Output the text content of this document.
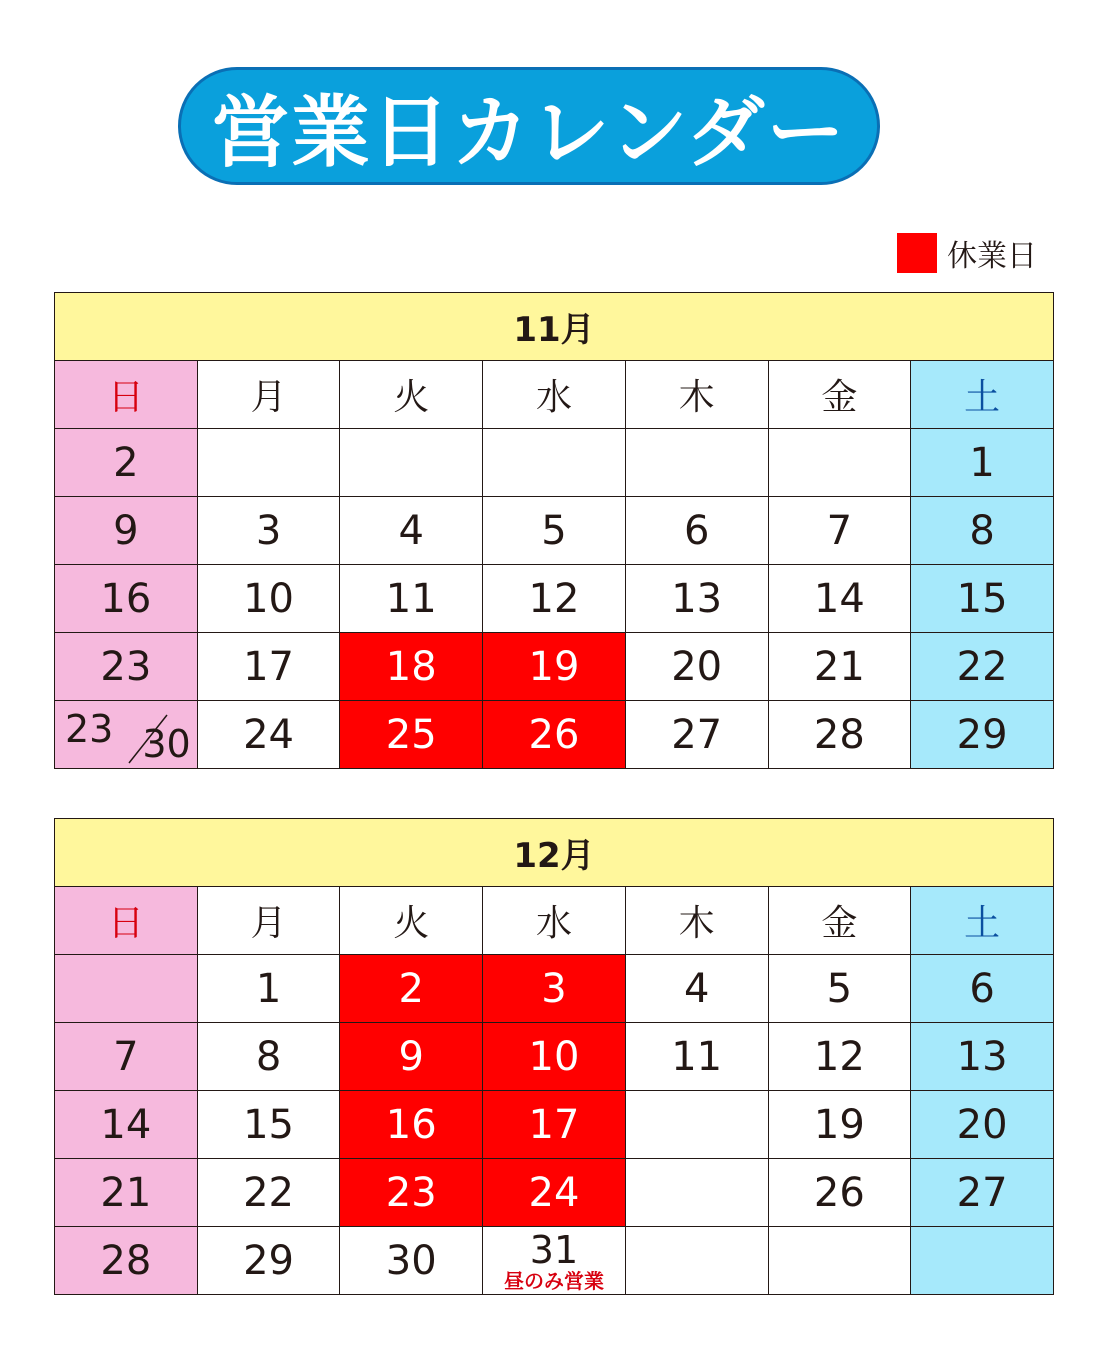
営業日カレンダー
休業日
11月						
日	月	火	水	木	金	土
2						1
9	3	4	5	6	7	8
16	10	11	12	13	14	15
23	17	18	19	20	21	22

23 30	24	25	26	27	28	29
12月						
日	月	火	水	木	金	土
	1	2	3	4	5	6
7	8	9	10	11	12	13
14	15	16	17		19	20
21	22	23	24		26	27
28	29	30	31
昼のみ営業			
